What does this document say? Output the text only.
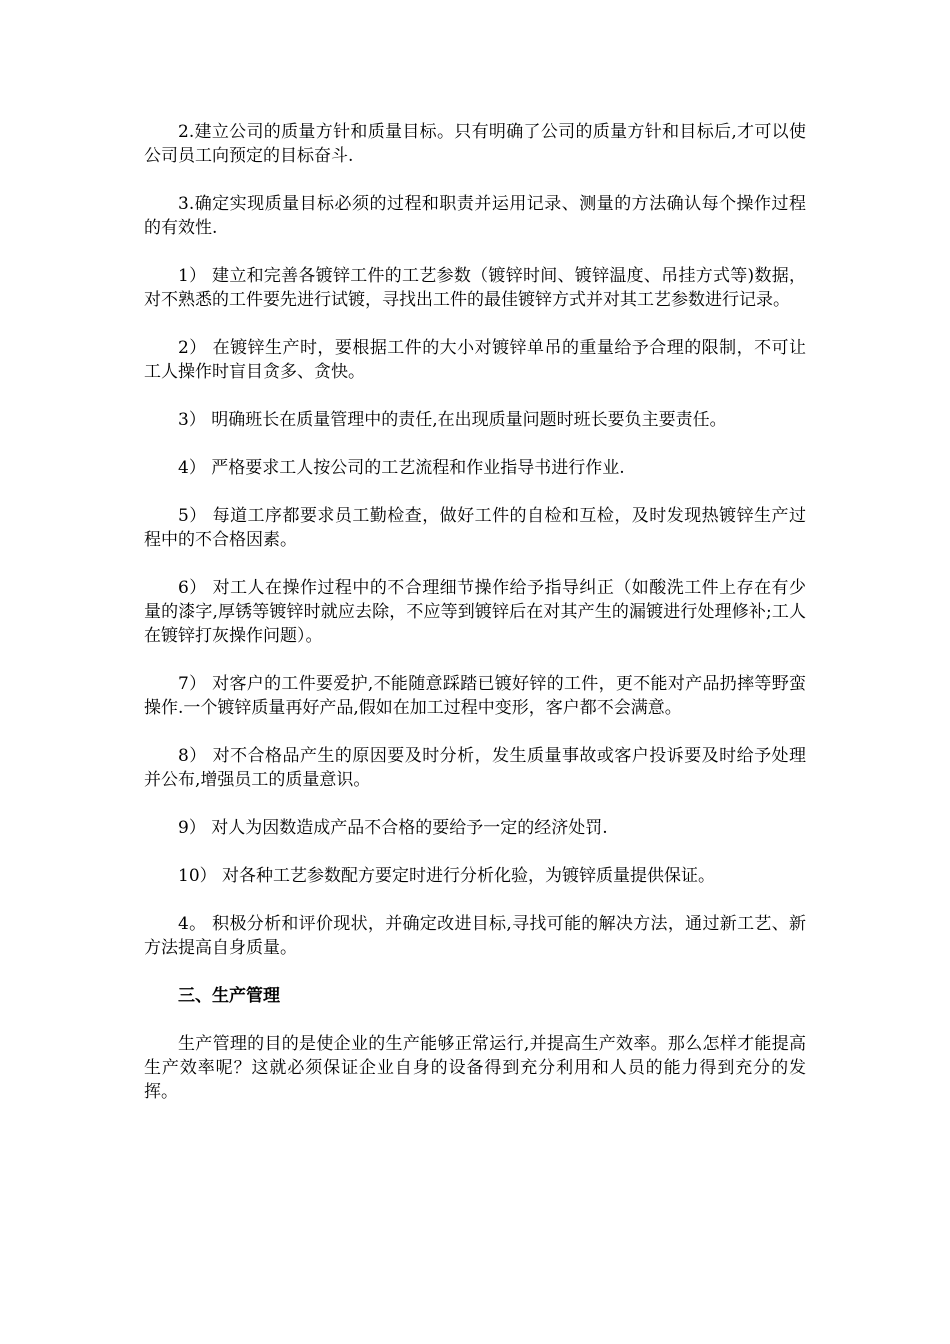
2.建立公司的质量方针和质量目标。只有明确了公司的质量方针和目标后,才可以使公司员工向预定的目标奋斗.

3.确定实现质量目标必须的过程和职责并运用记录、测量的方法确认每个操作过程的有效性.

1） 建立和完善各镀锌工件的工艺参数（镀锌时间、镀锌温度、吊挂方式等)数据，对不熟悉的工件要先进行试镀，寻找出工件的最佳镀锌方式并对其工艺参数进行记录。

2） 在镀锌生产时，要根据工件的大小对镀锌单吊的重量给予合理的限制，不可让工人操作时盲目贪多、贪快。

3） 明确班长在质量管理中的责任,在出现质量问题时班长要负主要责任。

4） 严格要求工人按公司的工艺流程和作业指导书进行作业.

5） 每道工序都要求员工勤检查，做好工件的自检和互检，及时发现热镀锌生产过程中的不合格因素。

6） 对工人在操作过程中的不合理细节操作给予指导纠正（如酸洗工件上存在有少量的漆字,厚锈等镀锌时就应去除，不应等到镀锌后在对其产生的漏镀进行处理修补;工人在镀锌打灰操作问题）。

7） 对客户的工件要爱护,不能随意踩踏已镀好锌的工件，更不能对产品扔摔等野蛮操作.一个镀锌质量再好产品,假如在加工过程中变形，客户都不会满意。

8） 对不合格品产生的原因要及时分析，发生质量事故或客户投诉要及时给予处理并公布,增强员工的质量意识。

9） 对人为因数造成产品不合格的要给予一定的经济处罚.

10） 对各种工艺参数配方要定时进行分析化验，为镀锌质量提供保证。

4。 积极分析和评价现状，并确定改进目标,寻找可能的解决方法，通过新工艺、新方法提高自身质量。

三、生产管理

生产管理的目的是使企业的生产能够正常运行,并提高生产效率。那么怎样才能提高生产效率呢？这就必须保证企业自身的设备得到充分利用和人员的能力得到充分的发挥。
